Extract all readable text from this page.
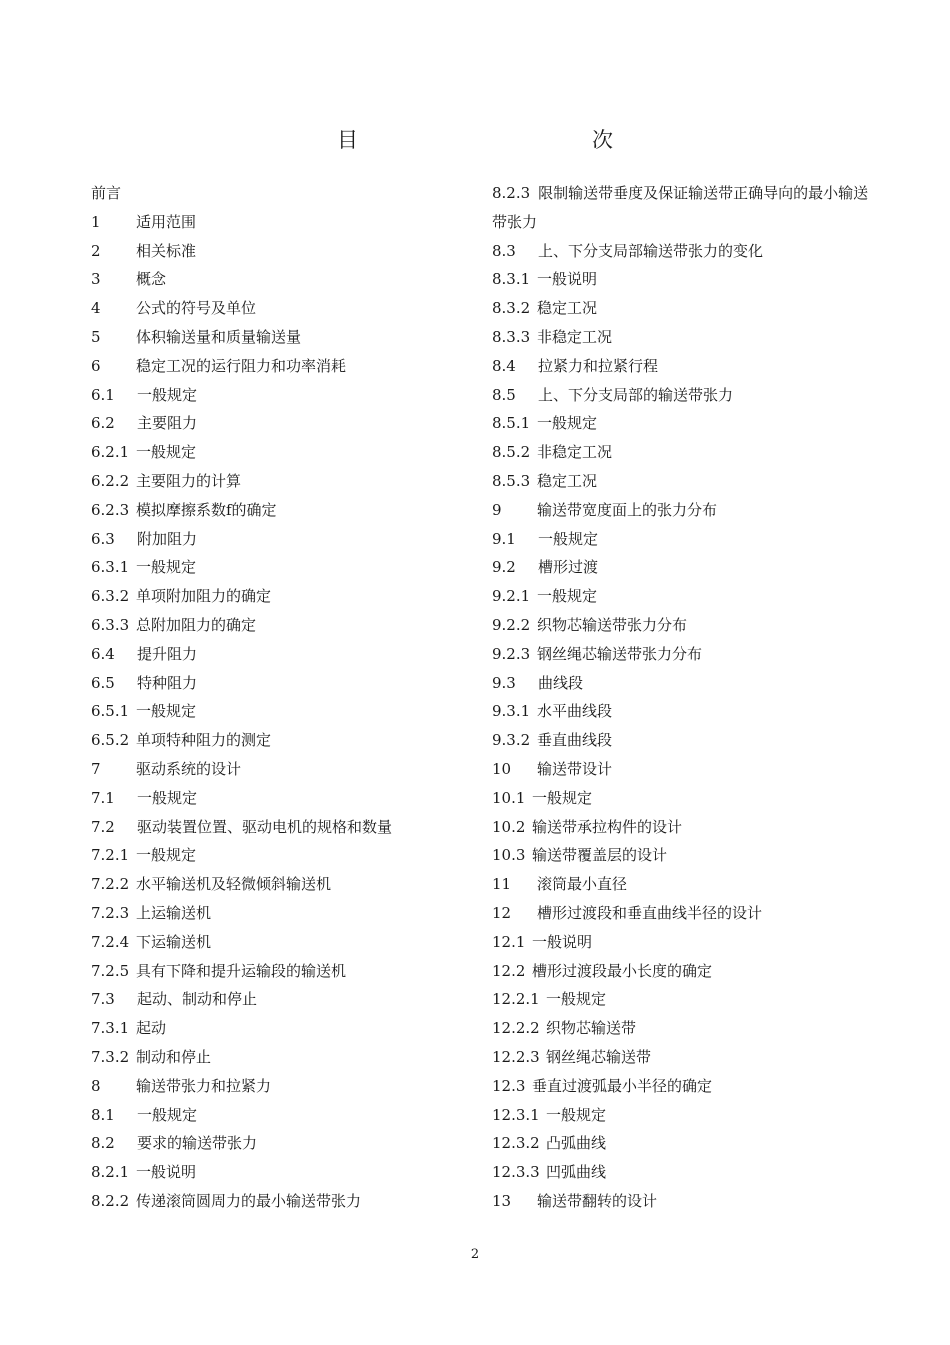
目　　次
前言
1 适用范围
2 相关标准
3 概念
4 公式的符号及单位
5 体积输送量和质量输送量
6 稳定工况的运行阻力和功率消耗
6.1 一般规定
6.2 主要阻力
6.2.1 一般规定
6.2.2 主要阻力的计算
6.2.3 模拟摩擦系数f的确定
6.3 附加阻力
6.3.1 一般规定
6.3.2 单项附加阻力的确定
6.3.3 总附加阻力的确定
6.4 提升阻力
6.5 特种阻力
6.5.1 一般规定
6.5.2 单项特种阻力的测定
7 驱动系统的设计
7.1 一般规定
7.2 驱动装置位置、驱动电机的规格和数量
7.2.1 一般规定
7.2.2 水平输送机及轻微倾斜输送机
7.2.3 上运输送机
7.2.4 下运输送机
7.2.5 具有下降和提升运输段的输送机
7.3 起动、制动和停止
7.3.1 起动
7.3.2 制动和停止
8 输送带张力和拉紧力
8.1 一般规定
8.2 要求的输送带张力
8.2.1 一般说明
8.2.2 传递滚筒圆周力的最小输送带张力
8.2.3 限制输送带垂度及保证输送带正确导向的最小输送带张力
8.3 上、下分支局部输送带张力的变化
8.3.1 一般说明
8.3.2 稳定工况
8.3.3 非稳定工况
8.4 拉紧力和拉紧行程
8.5 上、下分支局部的输送带张力
8.5.1 一般规定
8.5.2 非稳定工况
8.5.3 稳定工况
9 输送带宽度面上的张力分布
9.1 一般规定
9.2 槽形过渡
9.2.1 一般规定
9.2.2 织物芯输送带张力分布
9.2.3 钢丝绳芯输送带张力分布
9.3 曲线段
9.3.1 水平曲线段
9.3.2 垂直曲线段
10 输送带设计
10.1 一般规定
10.2 输送带承拉构件的设计
10.3 输送带覆盖层的设计
11 滚筒最小直径
12 槽形过渡段和垂直曲线半径的设计
12.1 一般说明
12.2 槽形过渡段最小长度的确定
12.2.1 一般规定
12.2.2 织物芯输送带
12.2.3 钢丝绳芯输送带
12.3 垂直过渡弧最小半径的确定
12.3.1 一般规定
12.3.2 凸弧曲线
12.3.3 凹弧曲线
13 输送带翻转的设计
2
